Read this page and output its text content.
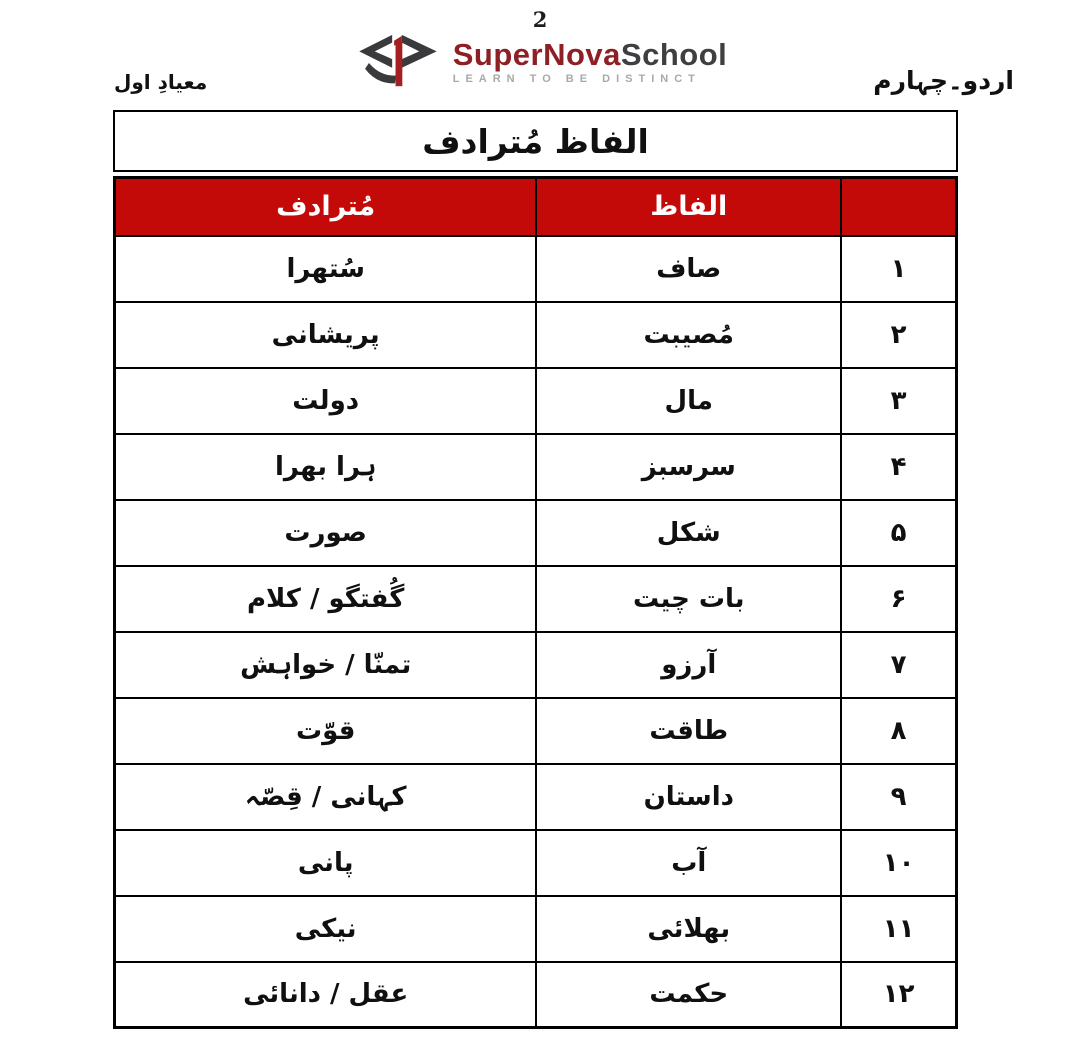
2
SuperNovaSchool
LEARN TO BE DISTINCT	اردو۔چہارم
معیادِ اول
الفاظ مُترادف
	الفاظ	مُترادف
۱	صاف	سُتھرا
۲	مُصیبت	پریشانی
۳	مال	دولت
۴	سرسبز	ہرا بھرا
۵	شکل	صورت
۶	بات چیت	گُفتگو / کلام
۷	آرزو	تمنّا / خواہش
۸	طاقت	قوّت
۹	داستان	کہانی / قِصّہ
۱۰	آب	پانی
۱۱	بھلائی	نیکی
۱۲	حکمت	عقل / دانائی
